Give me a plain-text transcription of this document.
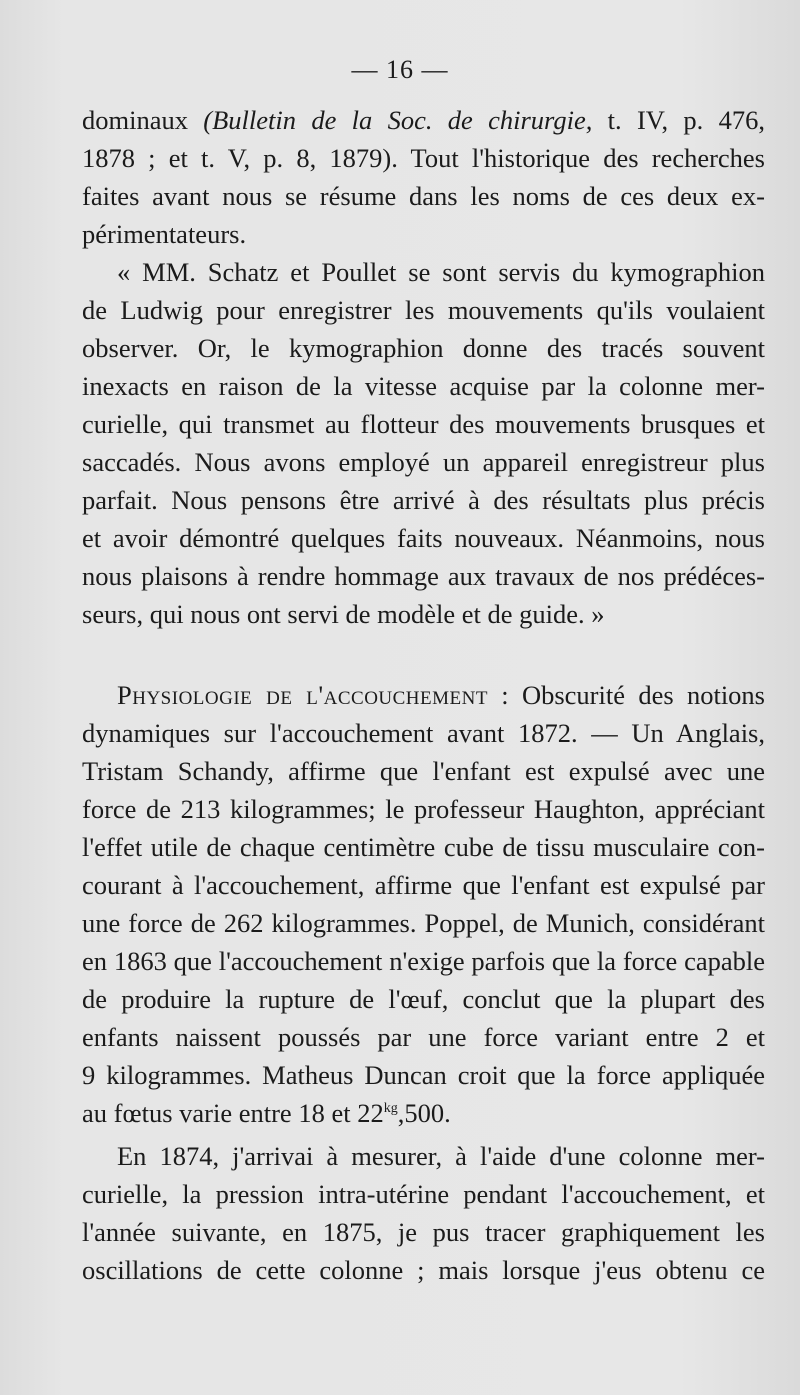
— 16 —
dominaux (Bulletin de la Soc. de chirurgie, t. IV, p. 476,
1878 ; et t. V, p. 8, 1879). Tout l'historique des recherches
faites avant nous se résume dans les noms de ces deux ex-
périmentateurs.
« MM. Schatz et Poullet se sont servis du kymographion
de Ludwig pour enregistrer les mouvements qu'ils voulaient
observer. Or, le kymographion donne des tracés souvent
inexacts en raison de la vitesse acquise par la colonne mer-
curielle, qui transmet au flotteur des mouvements brusques et
saccadés. Nous avons employé un appareil enregistreur plus
parfait. Nous pensons être arrivé à des résultats plus précis
et avoir démontré quelques faits nouveaux. Néanmoins, nous
nous plaisons à rendre hommage aux travaux de nos prédéces-
seurs, qui nous ont servi de modèle et de guide. »
Physiologie de l'accouchement : Obscurité des notions
dynamiques sur l'accouchement avant 1872. — Un Anglais,
Tristam Schandy, affirme que l'enfant est expulsé avec une
force de 213 kilogrammes; le professeur Haughton, appréciant
l'effet utile de chaque centimètre cube de tissu musculaire con-
courant à l'accouchement, affirme que l'enfant est expulsé par
une force de 262 kilogrammes. Poppel, de Munich, considérant
en 1863 que l'accouchement n'exige parfois que la force capable
de produire la rupture de l'œuf, conclut que la plupart des
enfants naissent poussés par une force variant entre 2 et
9 kilogrammes. Matheus Duncan croit que la force appliquée
au fœtus varie entre 18 et $22^{kg},500$.
En 1874, j'arrivai à mesurer, à l'aide d'une colonne mer-
curielle, la pression intra-utérine pendant l'accouchement, et
l'année suivante, en 1875, je pus tracer graphiquement les
oscillations de cette colonne ; mais lorsque j'eus obtenu ce
